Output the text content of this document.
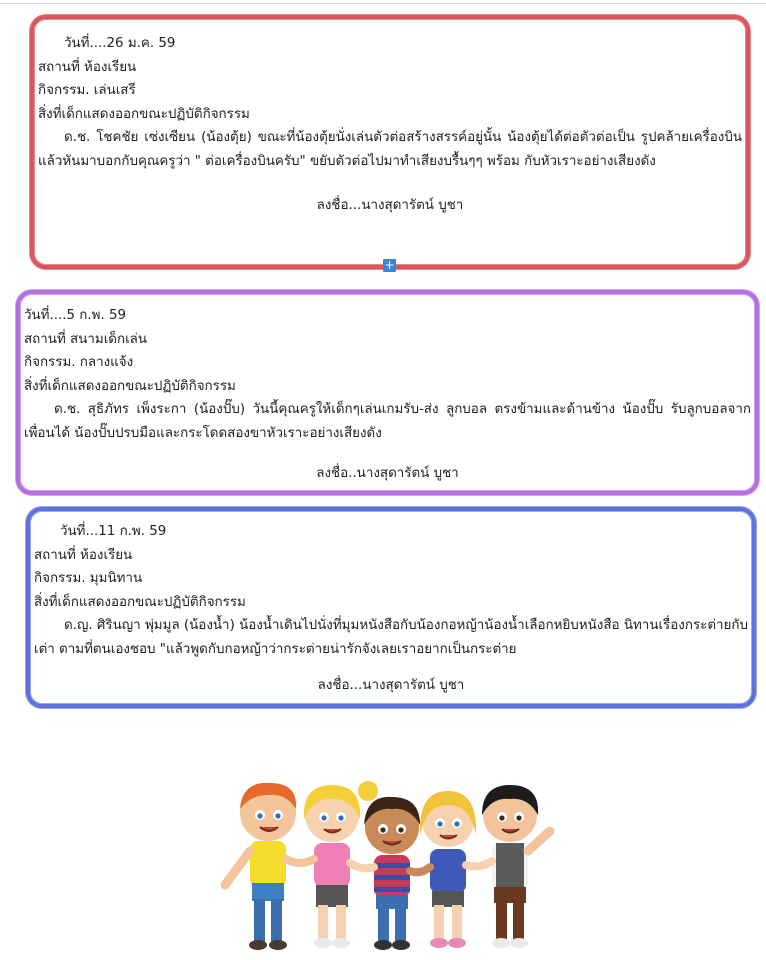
วันที่....26 ม.ค. 59
สถานที่ ห้องเรียน
กิจกรรม. เล่นเสรี
สิ่งที่เด็กแสดงออกขณะปฏิบัติกิจกรรม
ด.ช. โชคชัย เซ่งเซียน (น้องตุ้ย) ขณะที่น้องตุ้ยนั่งเล่นตัวต่อสร้างสรรค์อยู่นั้น น้องตุ้ยได้ต่อตัวต่อเป็น รูปคล้ายเครื่องบิน แล้วหันมาบอกกับคุณครูว่า " ต่อเครื่องบินครับ" ขยับตัวต่อไปมาทำเสียงบรื้นๆๆ พร้อม กับหัวเราะอย่างเสียงดัง
ลงชื่อ...นางสุดารัตน์ บูชา
+
วันที่....5 ก.พ. 59
สถานที่ สนามเด็กเล่น
กิจกรรม. กลางแจ้ง
สิ่งที่เด็กแสดงออกขณะปฏิบัติกิจกรรม
ด.ช. สุธิภัทร เพ็งระกา (น้องปั๊บ) วันนี้คุณครูให้เด็กๆเล่นเกมรับ-ส่ง ลูกบอล ตรงข้ามและด้านข้าง น้องปั๊บ รับลูกบอลจากเพื่อนได้ น้องปั๊บปรบมือและกระโดดสองขาหัวเราะอย่างเสียงดัง
ลงชื่อ..นางสุดารัตน์ บูชา
วันที่...11 ก.พ. 59
สถานที่ ห้องเรียน
กิจกรรม. มุมนิทาน
สิ่งที่เด็กแสดงออกขณะปฏิบัติกิจกรรม
ด.ญ. ศิรินญา พุ่มมูล (น้องน้ำ) น้องน้ำเดินไปนั่งที่มุมหนังสือกับน้องกอหญ้าน้องน้ำเลือกหยิบหนังสือ นิทานเรื่องกระต่ายกับเต่า ตามที่ตนเองชอบ "แล้วพูดกับกอหญ้าว่ากระต่ายน่ารักจังเลยเราอยากเป็นกระต่าย
ลงชื่อ...นางสุดารัตน์ บูชา
